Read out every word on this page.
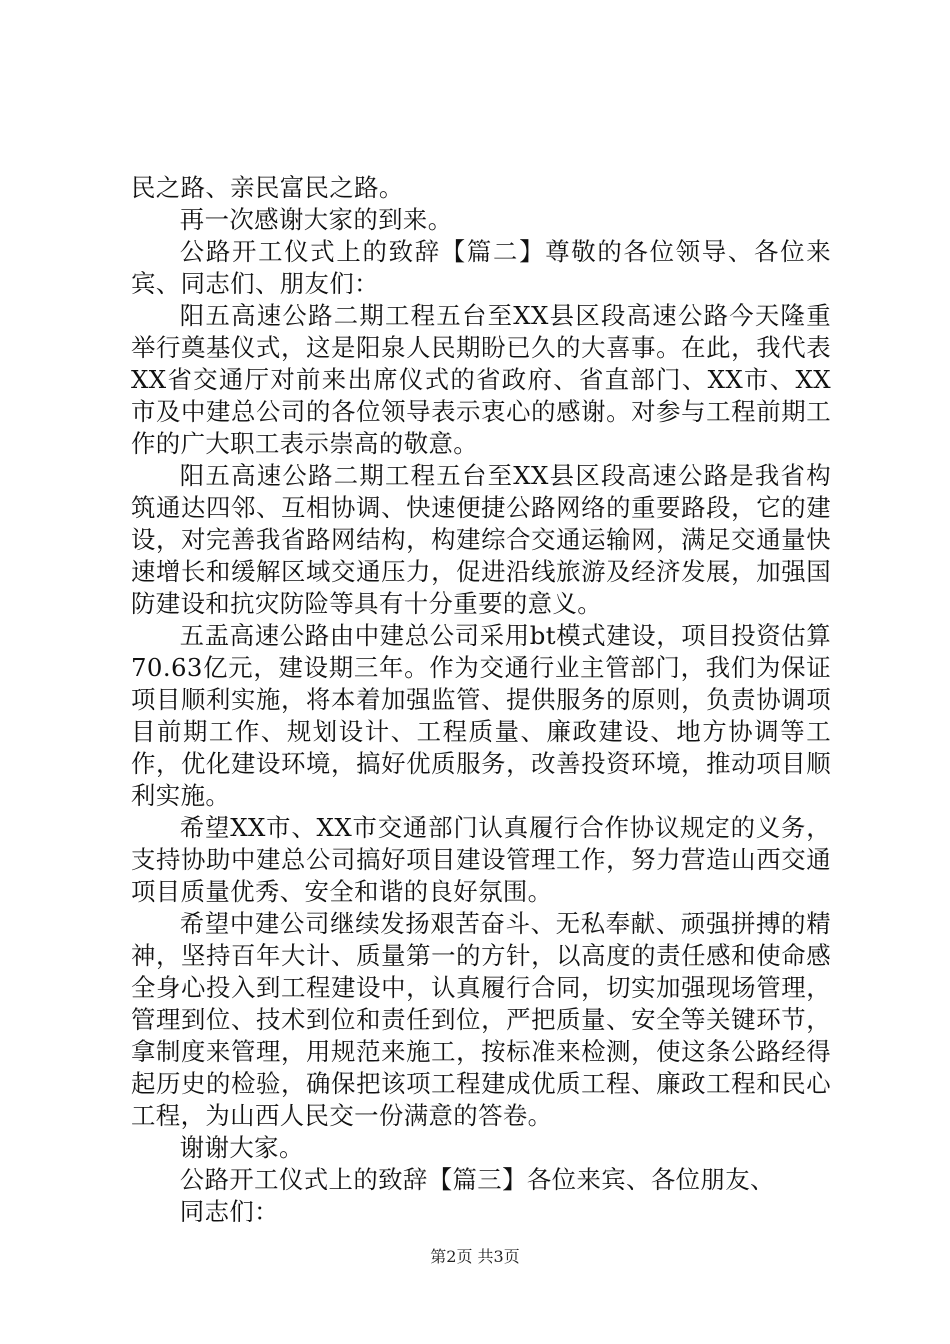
民之路、亲民富民之路。

再一次感谢大家的到来。

公路开工仪式上的致辞【篇二】尊敬的各位领导、各位来宾、同志们、朋友们：

阳五高速公路二期工程五台至XX县区段高速公路今天隆重举行奠基仪式，这是阳泉人民期盼已久的大喜事。在此，我代表XX省交通厅对前来出席仪式的省政府、省直部门、XX市、XX市及中建总公司的各位领导表示衷心的感谢。对参与工程前期工作的广大职工表示崇高的敬意。

阳五高速公路二期工程五台至XX县区段高速公路是我省构筑通达四邻、互相协调、快速便捷公路网络的重要路段，它的建设，对完善我省路网结构，构建综合交通运输网，满足交通量快速增长和缓解区域交通压力，促进沿线旅游及经济发展，加强国防建设和抗灾防险等具有十分重要的意义。

五盂高速公路由中建总公司采用bt模式建设，项目投资估算70.63亿元，建设期三年。作为交通行业主管部门，我们为保证项目顺利实施，将本着加强监管、提供服务的原则，负责协调项目前期工作、规划设计、工程质量、廉政建设、地方协调等工作，优化建设环境，搞好优质服务，改善投资环境，推动项目顺利实施。

希望XX市、XX市交通部门认真履行合作协议规定的义务，支持协助中建总公司搞好项目建设管理工作，努力营造山西交通项目质量优秀、安全和谐的良好氛围。

希望中建公司继续发扬艰苦奋斗、无私奉献、顽强拼搏的精神，坚持百年大计、质量第一的方针，以高度的责任感和使命感全身心投入到工程建设中，认真履行合同，切实加强现场管理，管理到位、技术到位和责任到位，严把质量、安全等关键环节，拿制度来管理，用规范来施工，按标准来检测，使这条公路经得起历史的检验，确保把该项工程建成优质工程、廉政工程和民心工程，为山西人民交一份满意的答卷。

谢谢大家。

公路开工仪式上的致辞【篇三】各位来宾、各位朋友、

同志们：

第2页 共3页
